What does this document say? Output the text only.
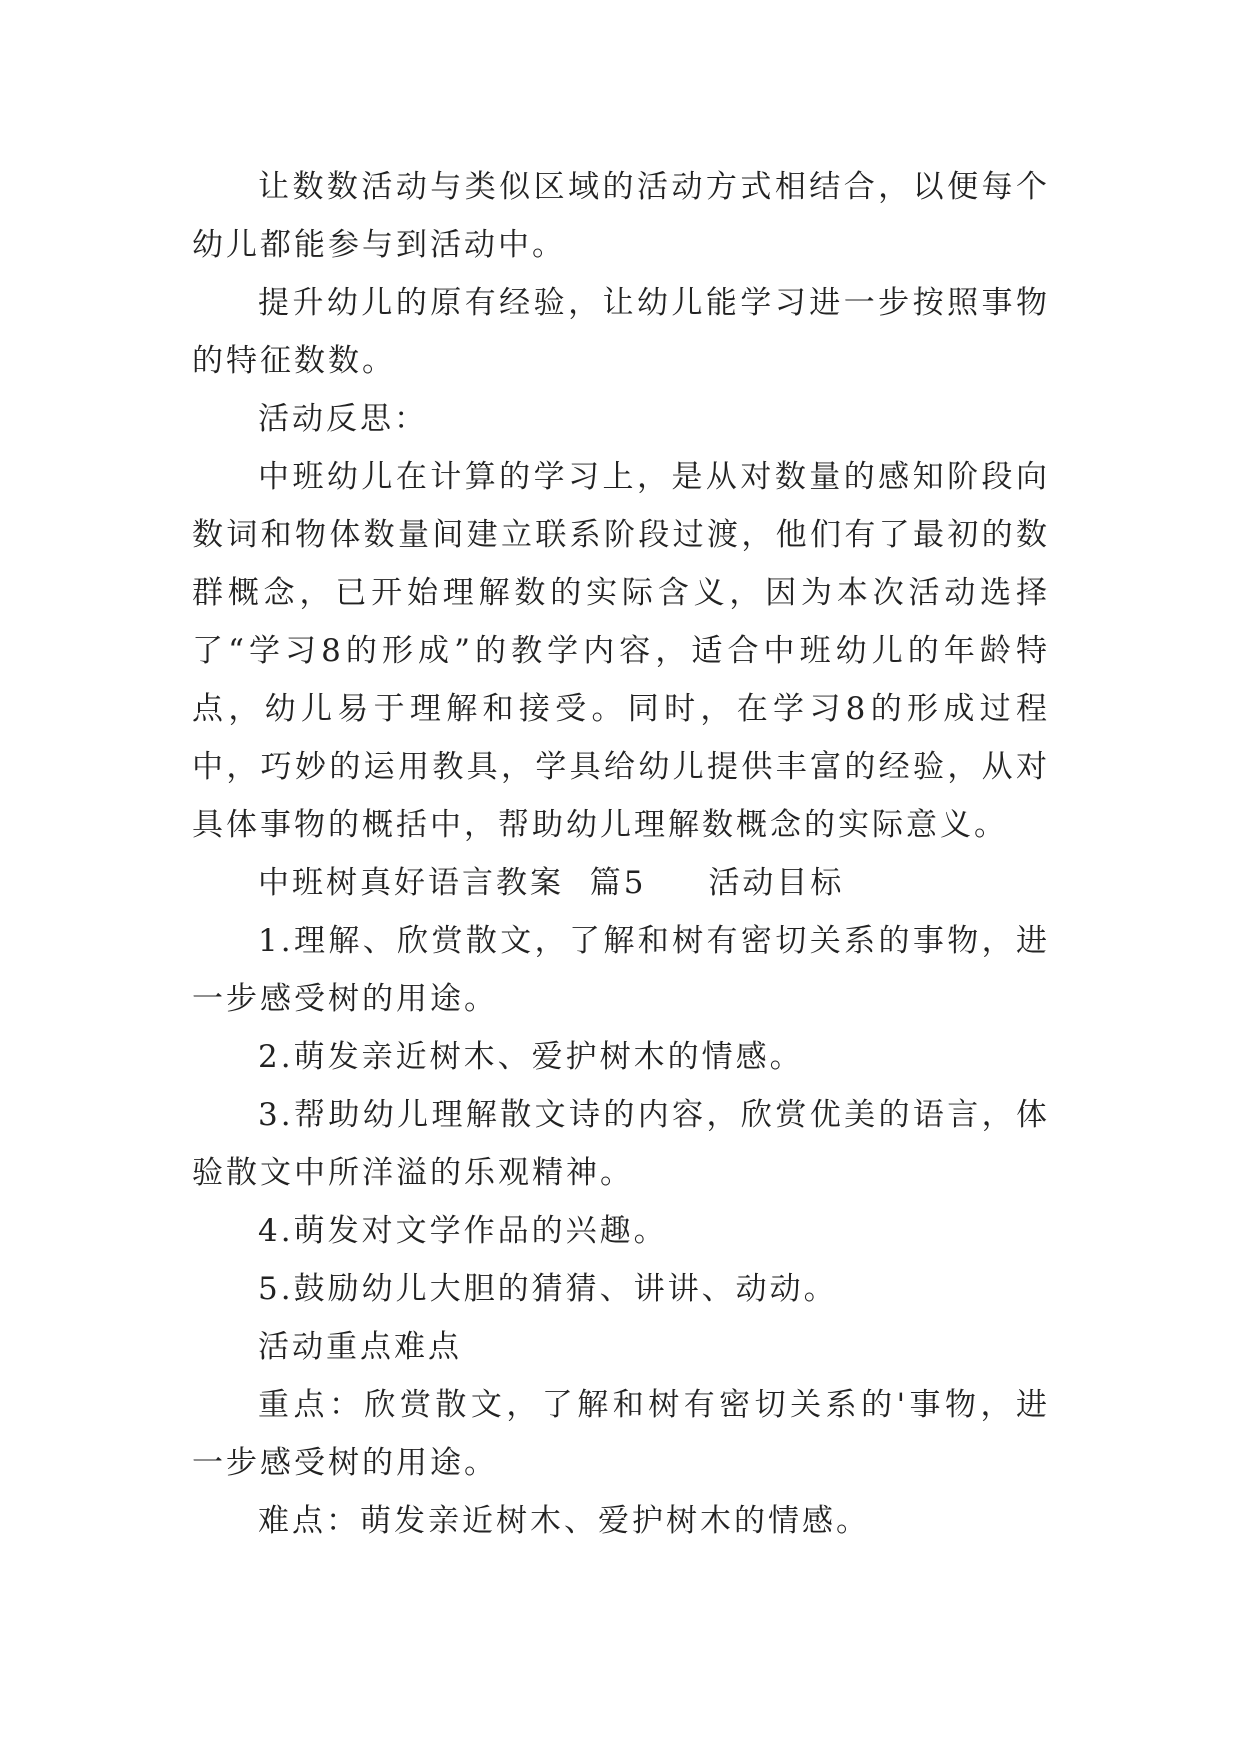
让数数活动与类似区域的活动方式相结合，以便每个幼儿都能参与到活动中。

提升幼儿的原有经验，让幼儿能学习进一步按照事物的特征数数。

活动反思：

中班幼儿在计算的学习上，是从对数量的感知阶段向数词和物体数量间建立联系阶段过渡，他们有了最初的数群概念，已开始理解数的实际含义，因为本次活动选择了“学习8的形成”的教学内容，适合中班幼儿的年龄特点，幼儿易于理解和接受。同时，在学习8的形成过程中，巧妙的运用教具，学具给幼儿提供丰富的经验，从对具体事物的概括中，帮助幼儿理解数概念的实际意义。

中班树真好语言教案  篇5 活动目标

1.理解、欣赏散文，了解和树有密切关系的事物，进一步感受树的用途。

2.萌发亲近树木、爱护树木的情感。

3.帮助幼儿理解散文诗的内容，欣赏优美的语言，体验散文中所洋溢的乐观精神。

4.萌发对文学作品的兴趣。

5.鼓励幼儿大胆的猜猜、讲讲、动动。

活动重点难点

重点：欣赏散文，了解和树有密切关系的'事物，进一步感受树的用途。

难点：萌发亲近树木、爱护树木的情感。
